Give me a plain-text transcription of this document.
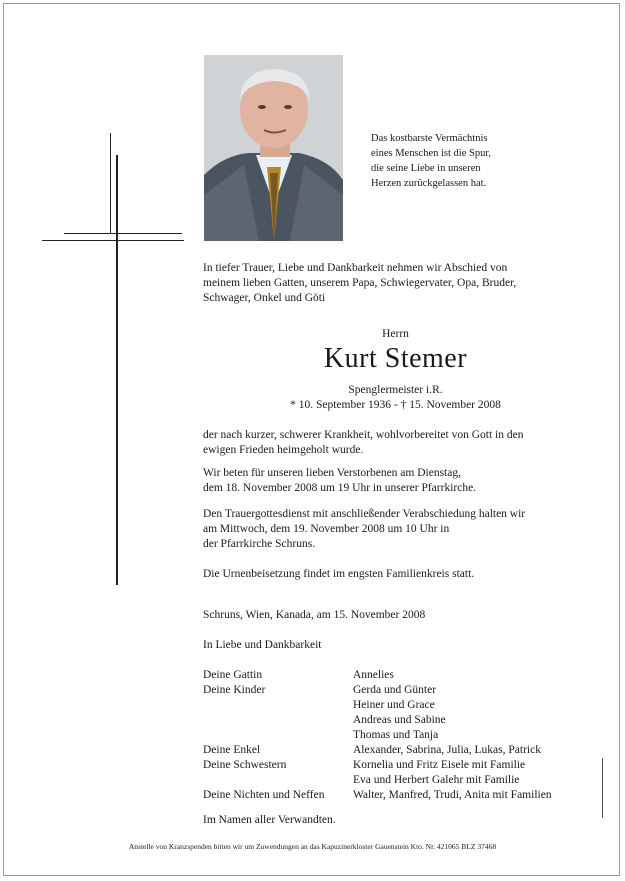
Das kostbarste Vermächtnis
eines Menschen ist die Spur,
die seine Liebe in unseren
Herzen zurückgelassen hat.
In tiefer Trauer, Liebe und Dankbarkeit nehmen wir Abschied von
meinem lieben Gatten, unserem Papa, Schwiegervater, Opa, Bruder,
Schwager, Onkel und Göti
Herrn
Kurt Stemer
Spenglermeister i.R.
* 10. September 1936 - † 15. November 2008
der nach kurzer, schwerer Krankheit, wohlvorbereitet von Gott in den
ewigen Frieden heimgeholt wurde.
Wir beten für unseren lieben Verstorbenen am Dienstag,
dem 18. November 2008 um 19 Uhr in unserer Pfarrkirche.
Den Trauergottesdienst mit anschließender Verabschiedung halten wir
am Mittwoch, dem 19. November 2008 um 10 Uhr in
der Pfarrkirche Schruns.
Die Urnenbeisetzung findet im engsten Familienkreis statt.
Schruns, Wien, Kanada, am 15. November 2008
In Liebe und Dankbarkeit
Deine Gattin	Annelies
Deine Kinder	Gerda und Günter
Heiner und Grace
Andreas und Sabine
Thomas und Tanja
Deine Enkel	Alexander, Sabrina, Julia, Lukas, Patrick
Deine Schwestern	Kornelia und Fritz Eisele mit Familie
Eva und Herbert Galehr mit Familie
Deine Nichten und Neffen	Walter, Manfred, Trudi, Anita mit Familien
Im Namen aller Verwandten.
Anstelle von Kranzspenden bitten wir um Zuwendungen an das Kapuzinerkloster Gauenstein Kto. Nr. 421065 BLZ 37468
